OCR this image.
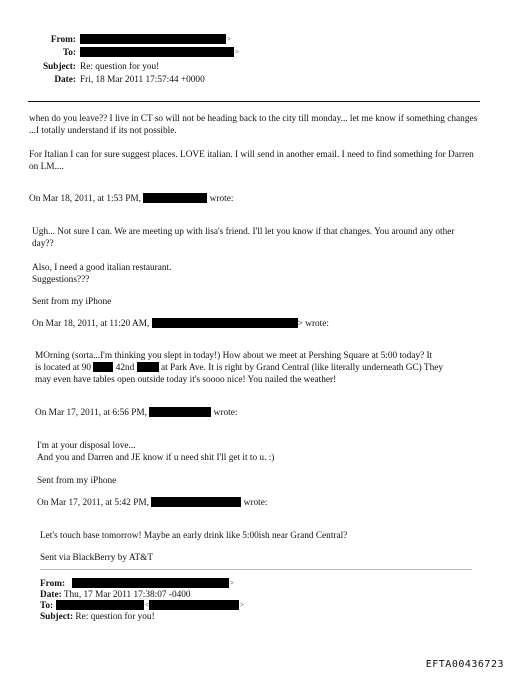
From:	>
To:	>
Subject: Re: question for you!
Date: Fri, 18 Mar 2011 17:57:44 +0000
when do you leave?? I live in CT so will not be heading back to the city till monday... let me know if something changes ...I totally understand if its not possible.
For Italian I can for sure suggest places. LOVE italian. I will send in another email. I need to find something for Darren on LM....
On Mar 18, 2011, at 1:53 PM,	wrote:
Ugh... Not sure I can. We are meeting up with lisa's friend. I'll let you know if that changes. You around any other day??
Also, I need a good italian restaurant.
Suggestions???
Sent from my iPhone
On Mar 18, 2011, at 11:20 AM,	> wrote:
MOrning (sorta...I'm thinking you slept in today!) How about we meet at Pershing Square at 5:00 today? It
is located at 90	42nd	at Park Ave. It is right by Grand Central (like literally underneath GC) They
may even have tables open outside today it's soooo nice! You nailed the weather!
On Mar 17, 2011, at 6:56 PM,	wrote:
I'm at your disposal love...
And you and Darren and JE know if u need shit I'll get it to u. :)
Sent from my iPhone
On Mar 17, 2011, at 5:42 PM,	wrote:
Let's touch base tomorrow! Maybe an early drink like 5:00ish near Grand Central?
Sent via BlackBerry by AT&T
From:	>
Date: Thu, 17 Mar 2011 17:38:07 -0400
To:	<	>
Subject: Re: question for you!
EFTA00436723
